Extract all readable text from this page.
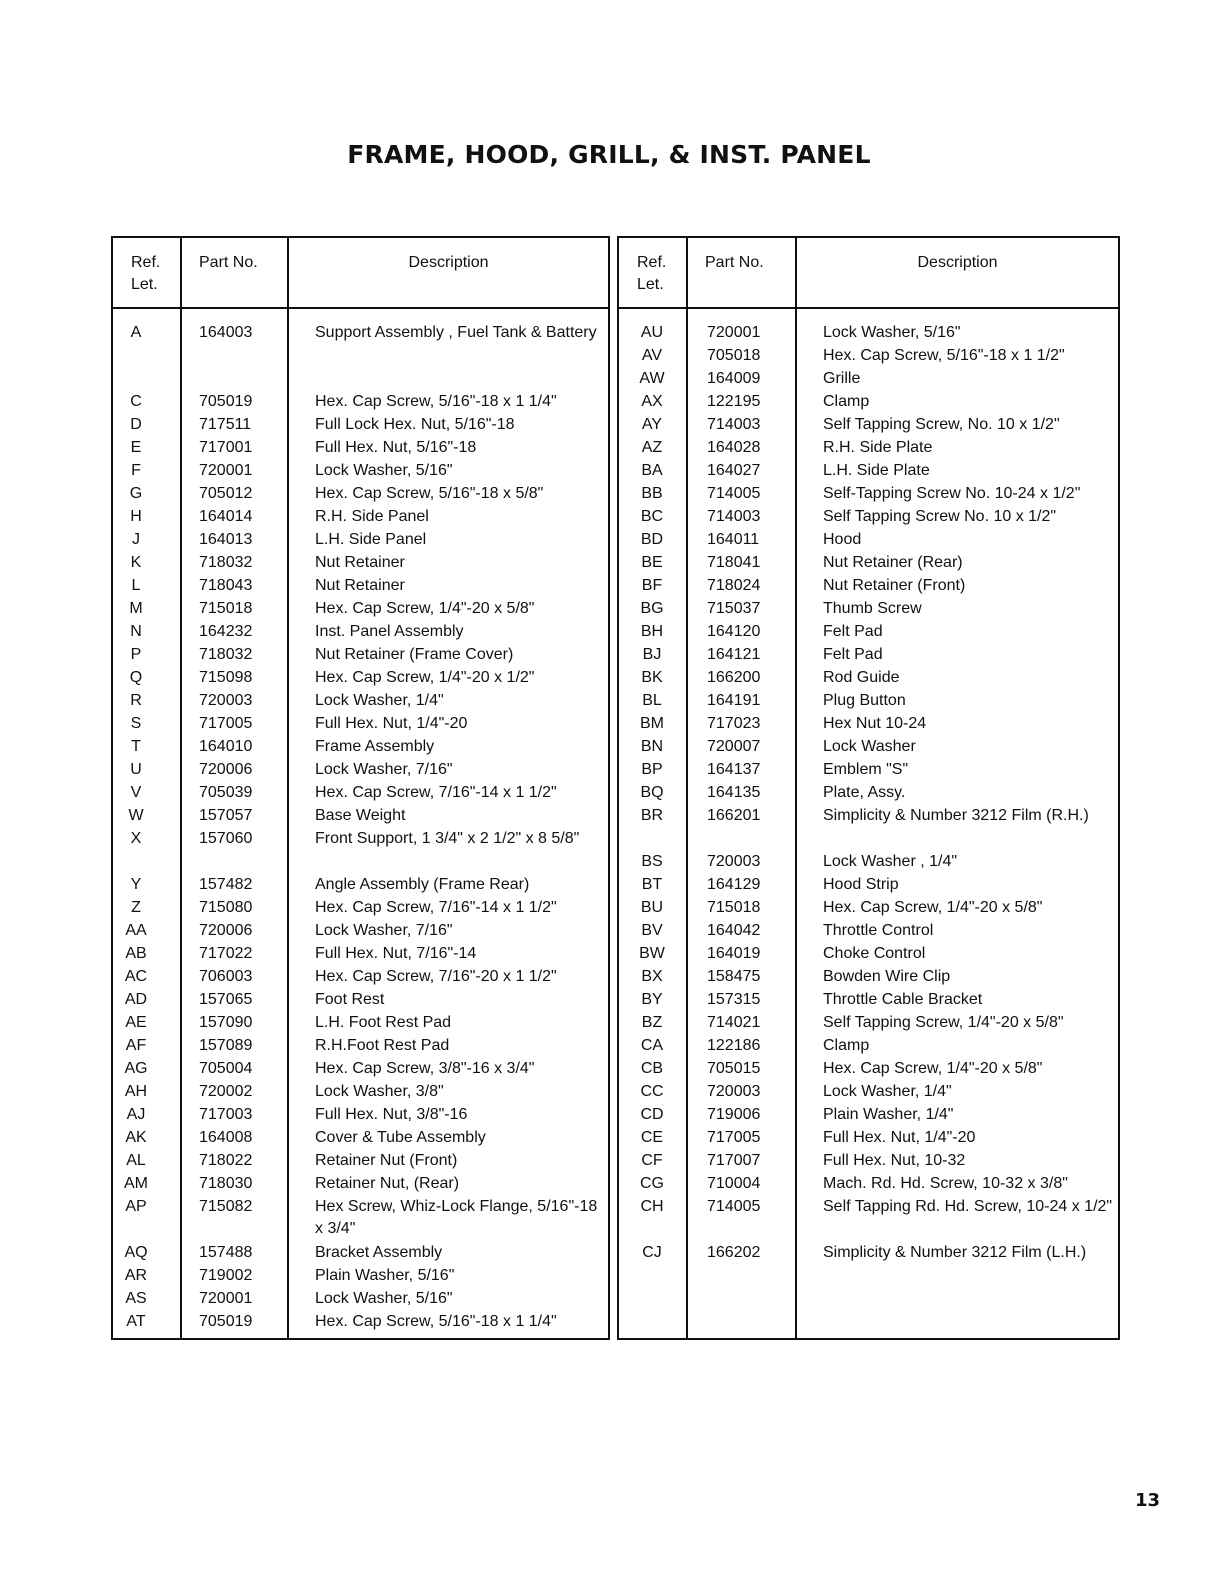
FRAME, HOOD, GRILL, & INST. PANEL
Ref.
Let.
Part No.	Description
A	164003	Support Assembly , Fuel Tank & Battery
C	705019	Hex. Cap Screw, 5/16"-18 x 1 1/4"
D	717511	Full Lock Hex. Nut, 5/16"-18
E	717001	Full Hex. Nut, 5/16"-18
F	720001	Lock Washer, 5/16"
G	705012	Hex. Cap Screw, 5/16"-18 x 5/8"
H	164014	R.H. Side Panel
J	164013	L.H. Side Panel
K	718032	Nut Retainer
L	718043	Nut Retainer
M	715018	Hex. Cap Screw, 1/4"-20 x 5/8"
N	164232	Inst. Panel Assembly
P	718032	Nut Retainer (Frame Cover)
Q	715098	Hex. Cap Screw, 1/4"-20 x 1/2"
R	720003	Lock Washer, 1/4"
S	717005	Full Hex. Nut, 1/4"-20
T	164010	Frame Assembly
U	720006	Lock Washer, 7/16"
V	705039	Hex. Cap Screw, 7/16"-14 x 1 1/2"
W	157057	Base Weight
X	157060	Front Support, 1 3/4" x 2 1/2" x 8 5/8"
Y	157482	Angle Assembly (Frame Rear)
Z	715080	Hex. Cap Screw, 7/16"-14 x 1 1/2"
AA	720006	Lock Washer, 7/16"
AB	717022	Full Hex. Nut, 7/16"-14
AC	706003	Hex. Cap Screw, 7/16"-20 x 1 1/2"
AD	157065	Foot Rest
AE	157090	L.H. Foot Rest Pad
AF	157089	R.H.Foot Rest Pad
AG	705004	Hex. Cap Screw, 3/8"-16 x 3/4"
AH	720002	Lock Washer, 3/8"
AJ	717003	Full Hex. Nut, 3/8"-16
AK	164008	Cover & Tube Assembly
AL	718022	Retainer Nut (Front)
AM	718030	Retainer Nut, (Rear)
AP	715082	Hex Screw, Whiz-Lock Flange, 5/16"-18 x 3/4"
AQ	157488	Bracket Assembly
AR	719002	Plain Washer, 5/16"
AS	720001	Lock Washer, 5/16"
AT	705019	Hex. Cap Screw, 5/16"-18 x 1 1/4"
Ref.
Let.
Part No.	Description
AU	720001	Lock Washer, 5/16"
AV	705018	Hex. Cap Screw, 5/16"-18 x 1 1/2"
AW	164009	Grille
AX	122195	Clamp
AY	714003	Self Tapping Screw, No. 10 x 1/2"
AZ	164028	R.H. Side Plate
BA	164027	L.H. Side Plate
BB	714005	Self-Tapping Screw No. 10-24 x 1/2"
BC	714003	Self Tapping Screw No. 10 x 1/2"
BD	164011	Hood
BE	718041	Nut Retainer (Rear)
BF	718024	Nut Retainer (Front)
BG	715037	Thumb Screw
BH	164120	Felt Pad
BJ	164121	Felt Pad
BK	166200	Rod Guide
BL	164191	Plug Button
BM	717023	Hex Nut 10-24
BN	720007	Lock Washer
BP	164137	Emblem "S"
BQ	164135	Plate, Assy.
BR	166201	Simplicity & Number 3212 Film (R.H.)
BS	720003	Lock Washer , 1/4"
BT	164129	Hood Strip
BU	715018	Hex. Cap Screw, 1/4"-20 x 5/8"
BV	164042	Throttle Control
BW	164019	Choke Control
BX	158475	Bowden Wire Clip
BY	157315	Throttle Cable Bracket
BZ	714021	Self Tapping Screw, 1/4"-20 x 5/8"
CA	122186	Clamp
CB	705015	Hex. Cap Screw, 1/4"-20 x 5/8"
CC	720003	Lock Washer, 1/4"
CD	719006	Plain Washer, 1/4"
CE	717005	Full Hex. Nut, 1/4"-20
CF	717007	Full Hex. Nut, 10-32
CG	710004	Mach. Rd. Hd. Screw, 10-32 x 3/8"
CH	714005	Self Tapping Rd. Hd. Screw, 10-24 x 1/2"
CJ	166202	Simplicity & Number 3212 Film (L.H.)
13
